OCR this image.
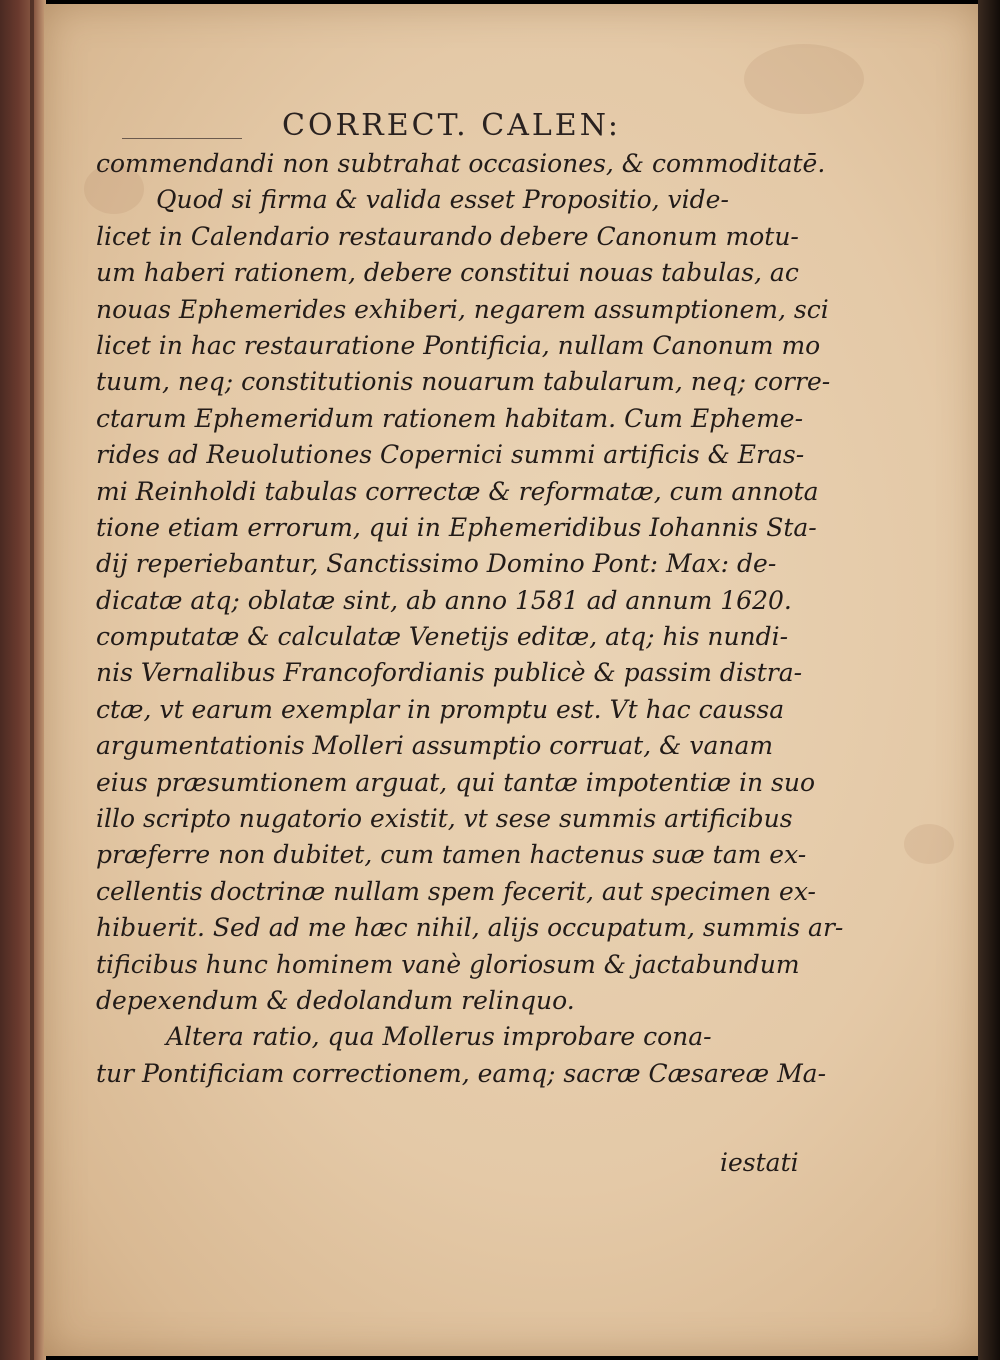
CORRECT. CALEN:
commendandi non subtrahat occasiones, & commoditatē.
Quod si firma & valida esset Propositio, vide-
licet in Calendario restaurando debere Canonum motu-
um haberi rationem, debere constitui nouas tabulas, ac
nouas Ephemerides exhiberi, negarem assumptionem, sci
licet in hac restauratione Pontificia, nullam Canonum mo
tuum, neq; constitutionis nouarum tabularum, neq; corre-
ctarum Ephemeridum rationem habitam. Cum Epheme-
rides ad Reuolutiones Copernici summi artificis & Eras-
mi Reinholdi tabulas correctæ & reformatæ, cum annota
tione etiam errorum, qui in Ephemeridibus Iohannis Sta-
dij reperiebantur, Sanctissimo Domino Pont: Max: de-
dicatæ atq; oblatæ sint, ab anno 1581 ad annum 1620.
computatæ & calculatæ Venetijs editæ, atq; his nundi-
nis Vernalibus Francofordianis publicè & passim distra-
ctæ, vt earum exemplar in promptu est. Vt hac caussa
argumentationis Molleri assumptio corruat, & vanam
eius præsumtionem arguat, qui tantæ impotentiæ in suo
illo scripto nugatorio existit, vt sese summis artificibus
præferre non dubitet, cum tamen hactenus suæ tam ex-
cellentis doctrinæ nullam spem fecerit, aut specimen ex-
hibuerit. Sed ad me hæc nihil, alijs occupatum, summis ar-
tificibus hunc hominem vanè gloriosum & jactabundum
depexendum & dedolandum relinquo.
Altera ratio, qua Mollerus improbare cona-
tur Pontificiam correctionem, eamq; sacræ Cæsareæ Ma-

iestati
